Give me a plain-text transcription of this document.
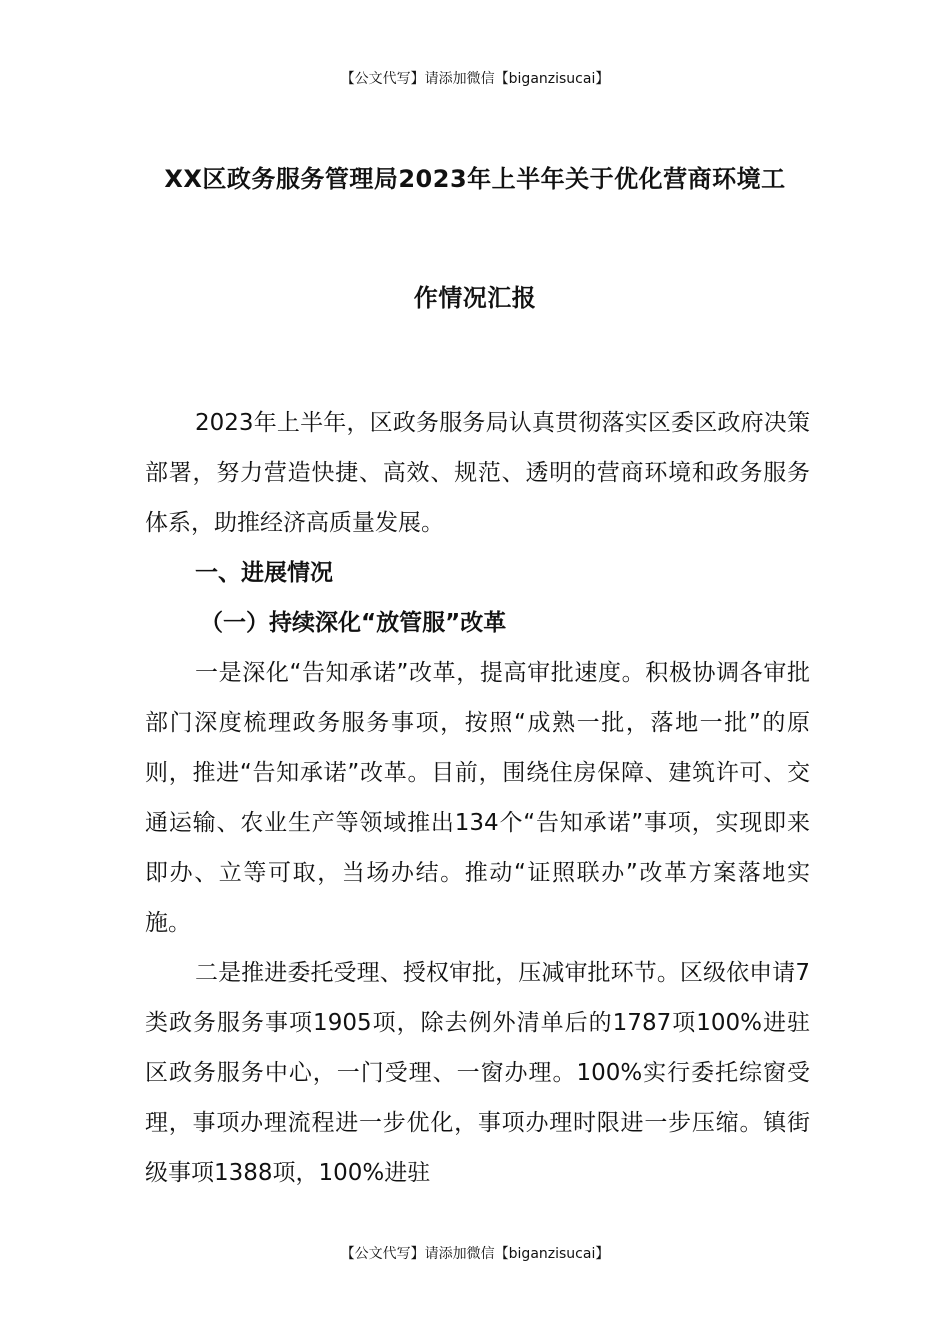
【公文代写】请添加微信【biganzisucai】
XX区政务服务管理局2023年上半年关于优化营商环境工
作情况汇报

2023年上半年，区政务服务局认真贯彻落实区委区政府决策部署，努力营造快捷、高效、规范、透明的营商环境和政务服务体系，助推经济高质量发展。

一、进展情况

（一）持续深化“放管服”改革

一是深化“告知承诺”改革，提高审批速度。积极协调各审批部门深度梳理政务服务事项，按照“成熟一批，落地一批”的原则，推进“告知承诺”改革。目前，围绕住房保障、建筑许可、交通运输、农业生产等领域推出134个“告知承诺”事项，实现即来即办、立等可取，当场办结。推动“证照联办”改革方案落地实施。

二是推进委托受理、授权审批，压减审批环节。区级依申请7类政务服务事项1905项，除去例外清单后的1787项100%进驻区政务服务中心，一门受理、一窗办理。100%实行委托综窗受理，事项办理流程进一步优化，事项办理时限进一步压缩。镇街级事项1388项，100%进驻

【公文代写】请添加微信【biganzisucai】
